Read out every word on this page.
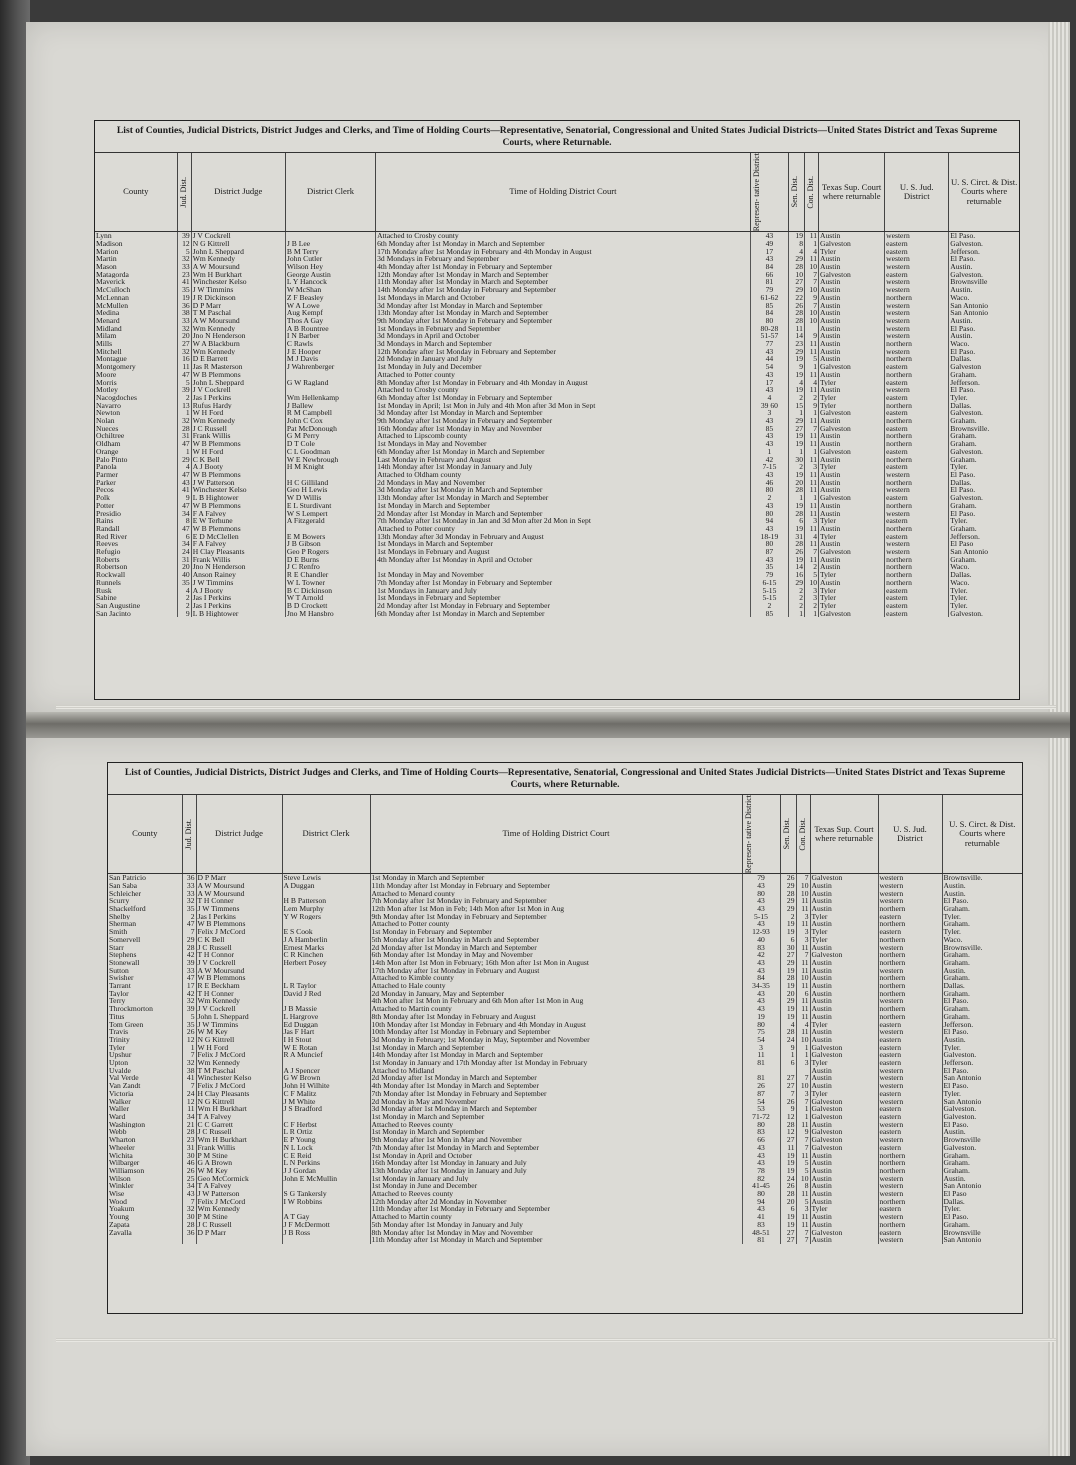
List of Counties, Judicial Districts, District Judges and Clerks, and Time of Holding Courts—Representative, Senatorial, Congressional and United States Judicial Districts—United States District and Texas Supreme Courts, where Returnable.
County	Jud. Dist.	District Judge	District Clerk	Time of Holding District Court	Represen- tative District	Sen. Dist.	Con. Dist.	Texas Sup. Court where returnable	U. S. Jud. District	U. S. Circt. & Dist. Courts where returnable
Lynn	39	J V Cockrell		Attached to Crosby county	43	19	11	Austin	western	El Paso.
Madison	12	N G Kittrell	J B Lee	6th Monday after 1st Monday in March and September	49	8	1	Galveston	eastern	Galveston.
Marion	5	John L Sheppard	B M Terry	17th Monday after 1st Monday in February and 4th Monday in August	17	4	4	Tyler	eastern	Jefferson.
Martin	32	Wm Kennedy	John Cutler	3d Mondays in February and September	43	29	11	Austin	western	El Paso.
Mason	33	A W Moursund	Wilson Hey	4th Monday after 1st Monday in February and September	84	28	10	Austin	western	Austin.
Matagorda	23	Wm H Burkhart	George Austin	12th Monday after 1st Monday in March and September	66	10	7	Galveston	eastern	Galveston.
Maverick	41	Winchester Kelso	L Y Hancock	11th Monday after 1st Monday in March and September	81	27	7	Austin	western	Brownsville
McCulloch	35	J W Timmins	W McShan	14th Monday after 1st Monday in February and September	79	29	10	Austin	western	Austin.
McLennan	19	J R Dickinson	Z F Beasley	1st Mondays in March and October	61-62	22	9	Austin	northern	Waco.
McMullen	36	D P Marr	W A Lowe	3d Monday after 1st Monday in March and September	85	26	7	Austin	western	San Antonio
Medina	38	T M Paschal	Aug Kempf	13th Monday after 1st Monday in March and September	84	28	10	Austin	western	San Antonio
Menard	33	A W Moursund	Thos A Gay	9th Monday after 1st Monday in February and September	80	28	10	Austin	western	Austin.
Midland	32	Wm Kennedy	A B Rountree	1st Mondays in February and September	80-28	11		Austin	western	El Paso.
Milam	20	Jno N Henderson	I N Barber	3d Mondays in April and October	51-57	14	9	Austin	western	Austin.
Mills	27	W A Blackburn	C Rawls	3d Mondays in March and September	77	23	11	Austin	northern	Waco.
Mitchell	32	Wm Kennedy	J E Hooper	12th Monday after 1st Monday in February and September	43	29	11	Austin	western	El Paso.
Montague	16	D E Barrett	M J Davis	2d Monday in January and July	44	19	5	Austin	northern	Dallas.
Montgomery	11	Jas R Masterson	J Wahrenberger	1st Monday in July and December	54	9	1	Galveston	eastern	Galveston
Moore	47	W B Plemmons		Attached to Potter county	43	19	11	Austin	northern	Graham.
Morris	5	John L Sheppard	G W Ragland	8th Monday after 1st Monday in February and 4th Monday in August	17	4	4	Tyler	eastern	Jefferson.
Motley	39	J V Cockrell		Attached to Crosby county	43	19	11	Austin	western	El Paso.
Nacogdoches	2	Jas I Perkins	Wm Hellenkamp	6th Monday after 1st Monday in February and September	4	2	2	Tyler	eastern	Tyler.
Navarro	13	Rufus Hardy	J Ballew	1st Monday in April; 1st Mon in July and 4th Mon after 3d Mon in Sept	39 60	15	9	Tyler	northern	Dallas.
Newton	1	W H Ford	R M Campbell	3d Monday after 1st Monday in March and September	3	1	1	Galveston	eastern	Galveston.
Nolan	32	Wm Kennedy	John C Cox	9th Monday after 1st Monday in February and September	43	29	11	Austin	northern	Graham.
Nueces	28	J C Russell	Pat McDonough	16th Monday after 1st Monday in May and November	85	27	7	Galveston	eastern	Brownsville.
Ochiltree	31	Frank Willis	G M Perry	Attached to Lipscomb county	43	19	11	Austin	northern	Graham.
Oldham	47	W B Plemmons	D T Cole	1st Mondays in May and November	43	19	11	Austin	northern	Graham.
Orange	1	W H Ford	C L Goodman	6th Monday after 1st Monday in March and September	1	1	1	Galveston	eastern	Galveston.
Palo Pinto	29	C K Bell	W E Newbrough	Last Monday in February and August	42	30	11	Austin	northern	Graham.
Panola	4	A J Booty	H M Knight	14th Monday after 1st Monday in January and July	7-15	2	3	Tyler	eastern	Tyler.
Parmer	47	W B Plemmons		Attached to Oldham county	43	19	11	Austin	western	El Paso.
Parker	43	J W Patterson	H C Gilliland	2d Mondays in May and November	46	20	11	Austin	northern	Dallas.
Pecos	41	Winchester Kelso	Geo H Lewis	3d Monday after 1st Monday in March and September	80	28	11	Austin	western	El Paso.
Polk	9	L B Hightower	W D Willis	13th Monday after 1st Monday in March and September	2	1	1	Galveston	eastern	Galveston.
Potter	47	W B Plemmons	E L Sturdivant	1st Monday in March and September	43	19	11	Austin	northern	Graham.
Presidio	34	F A Falvey	W S Lempert	2d Monday after 1st Monday in March and September	80	28	11	Austin	western	El Paso.
Rains	8	E W Terhune	A Fitzgerald	7th Monday after 1st Monday in Jan and 3d Mon after 2d Mon in Sept	94	6	3	Tyler	eastern	Tyler.
Randall	47	W B Plemmons		Attached to Potter county	43	19	11	Austin	northern	Graham.
Red River	6	E D McClellen	E M Bowers	13th Monday after 3d Monday in February and August	18-19	31	4	Tyler	eastern	Jefferson.
Reeves	34	F A Falvey	J B Gibson	1st Mondays in March and September	80	28	11	Austin	western	El Paso
Refugio	24	H Clay Pleasants	Geo P Rogers	1st Mondays in February and August	87	26	7	Galveston	western	San Antonio
Roberts	31	Frank Willis	D E Burns	4th Monday after 1st Monday in April and October	43	19	11	Austin	northern	Graham.
Robertson	20	Jno N Henderson	J C Renfro		35	14	2	Austin	northern	Waco.
Rockwall	40	Anson Rainey	R E Chandler	1st Monday in May and November	79	16	5	Tyler	northern	Dallas.
Runnels	35	J W Timmins	W L Towner	7th Monday after 1st Monday in February and September	6-15	29	10	Austin	northern	Waco.
Rusk	4	A J Booty	B C Dickinson	1st Mondays in January and July	5-15	2	3	Tyler	eastern	Tyler.
Sabine	2	Jas I Perkins	W T Arnold	1st Mondays in February and September	5-15	2	3	Tyler	eastern	Tyler.
San Augustine	2	Jas I Perkins	B D Crockett	2d Monday after 1st Monday in February and September	2	2	2	Tyler	eastern	Tyler.
San Jacinto	9	L B Hightower	Jno M Hansbro	6th Monday after 1st Monday in March and September	85	1	1	Galveston	eastern	Galveston.
List of Counties, Judicial Districts, District Judges and Clerks, and Time of Holding Courts—Representative, Senatorial, Congressional and United States Judicial Districts—United States District and Texas Supreme Courts, where Returnable.
County	Jud. Dist.	District Judge	District Clerk	Time of Holding District Court	Represen- tative District	Sen. Dist.	Con. Dist.	Texas Sup. Court where returnable	U. S. Jud. District	U. S. Circt. & Dist. Courts where returnable
San Patricio	36	D P Marr	Steve Lewis	1st Monday in March and September	79	26	7	Galveston	western	Brownsville.
San Saba	33	A W Moursund	A Duggan	11th Monday after 1st Monday in February and September	43	29	10	Austin	western	Austin.
Schleicher	33	A W Moursund		Attached to Menard county	80	28	10	Austin	western	Austin.
Scurry	32	T H Conner	H B Patterson	7th Monday after 1st Monday in February and September	43	29	11	Austin	western	El Paso.
Shackelford	35	J W Timmens	Lem Murphy	12th Mon after 1st Mon in Feb; 14th Mon after 1st Mon in Aug	43	29	11	Austin	northern	Graham.
Shelby	2	Jas I Perkins	Y W Rogers	9th Monday after 1st Monday in February and September	5-15	2	3	Tyler	eastern	Tyler.
Sherman	47	W B Plemmons		Attached to Potter county	43	19	11	Austin	northern	Graham.
Smith	7	Felix J McCord	E S Cook	1st Monday in February and September	12-93	19	3	Tyler	eastern	Tyler.
Somervell	29	C K Bell	J A Hamberlin	5th Monday after 1st Monday in March and September	40	6	3	Tyler	northern	Waco.
Starr	28	J C Russell	Ernest Marks	2d Monday after 1st Monday in March and September	83	30	11	Austin	western	Brownsville.
Stephens	42	T H Connor	C R Kinchen	6th Monday after 1st Monday in May and November	42	27	7	Galveston	northern	Graham.
Stonewall	39	J V Cockrell	Herbert Posey	14th Mon after 1st Mon in February; 16th Mon after 1st Mon in August	43	29	11	Austin	northern	Graham.
Sutton	33	A W Moursund		17th Monday after 1st Monday in February and August	43	19	11	Austin	western	Austin.
Swisher	47	W B Plemmons		Attached to Kimble county	84	28	10	Austin	northern	Graham.
Tarrant	17	R E Beckham	L R Taylor	Attached to Hale county	34-35	19	11	Austin	northern	Dallas.
Taylor	42	T H Conner	David J Red	2d Monday in January, May and September	43	20	6	Austin	northern	Graham.
Terry	32	Wm Kennedy		4th Mon after 1st Mon in February and 6th Mon after 1st Mon in Aug	43	29	11	Austin	western	El Paso.
Throckmorton	39	J V Cockrell	J B Massie	Attached to Martin county	43	19	11	Austin	northern	Graham.
Titus	5	John L Sheppard	L Hargrove	8th Monday after 1st Monday in February and August	19	19	11	Austin	northern	Graham.
Tom Green	35	J W Timmins	Ed Duggan	10th Monday after 1st Monday in February and 4th Monday in August	80	4	4	Tyler	eastern	Jefferson.
Travis	26	W M Key	Jas F Hart	10th Monday after 1st Monday in February and September	75	28	11	Austin	western	El Paso.
Trinity	12	N G Kittrell	I H Stout	3d Monday in February; 1st Monday in May, September and November	54	24	10	Austin	eastern	Austin.
Tyler	1	W H Ford	W E Rotan	1st Monday in March and September	3	9	1	Galveston	eastern	Tyler.
Upshur	7	Felix J McCord	R A Muncief	14th Monday after 1st Monday in March and September	11	1	1	Galveston	eastern	Galveston.
Upton	32	Wm Kennedy		1st Monday in January and 17th Monday after 1st Monday in February	81	6	3	Tyler	eastern	Jefferson.
Uvalde	38	T M Paschal	A J Spencer	Attached to Midland				Austin	western	El Paso.
Val Verde	41	Winchester Kelso	G W Brown	2d Monday after 1st Monday in March and September	81	27	7	Austin	western	San Antonio
Van Zandt	7	Felix J McCord	John H Wilhite	4th Monday after 1st Monday in March and September	26	27	10	Austin	western	El Paso.
Victoria	24	H Clay Pleasants	C F Malitz	7th Monday after 1st Monday in February and September	87	7	3	Tyler	eastern	Tyler.
Walker	12	N G Kittrell	J M White	2d Monday in May and November	54	26	7	Galveston	western	San Antonio
Waller	11	Wm H Burkhart	J S Bradford	3d Monday after 1st Monday in March and September	53	9	1	Galveston	eastern	Galveston.
Ward	34	T A Falvey		1st Monday in March and September	71-72	12	1	Galveston	eastern	Galveston.
Washington	21	C C Garrett	C F Herbst	Attached to Reeves county	80	28	11	Austin	western	El Paso.
Webb	28	J C Russell	L R Ortiz	1st Monday in March and September	83	12	9	Galveston	eastern	Austin.
Wharton	23	Wm H Burkhart	E P Young	9th Monday after 1st Mon in May and November	66	27	7	Galveston	western	Brownsville
Wheeler	31	Frank Willis	N L Lock	7th Monday after 1st Monday in March and September	43	11	7	Galveston	eastern	Galveston.
Wichita	30	P M Stine	C E Reid	1st Monday in April and October	43	19	11	Austin	northern	Graham.
Wilbarger	46	G A Brown	L N Perkins	16th Monday after 1st Monday in January and July	43	19	5	Austin	northern	Graham.
Williamson	26	W M Key	J J Gordan	13th Monday after 1st Monday in January and July	78	19	5	Austin	northern	Graham.
Wilson	25	Geo McCormick	John E McMullin	1st Monday in January and July	82	24	10	Austin	western	Austin.
Winkler	34	T A Falvey		1st Monday in June and December	41-45	26	8	Austin	western	San Antonio
Wise	43	J W Patterson	S G Tankersly	Attached to Reeves county	80	28	11	Austin	western	El Paso
Wood	7	Felix J McCord	I W Robbins	12th Monday after 2d Monday in November	94	20	5	Austin	northern	Dallas.
Yoakum	32	Wm Kennedy		11th Monday after 1st Monday in February and September	43	6	3	Tyler	eastern	Tyler.
Young	30	P M Stine	A T Gay	Attached to Martin county	41	19	11	Austin	western	El Paso.
Zapata	28	J C Russell	J F McDermott	5th Monday after 1st Monday in January and July	83	19	11	Austin	northern	Graham.
Zavalla	36	D P Marr	J B Ross	8th Monday after 1st Monday in May and November	48-51	27	7	Galveston	eastern	Brownsville
				11th Monday after 1st Monday in March and September	81	27	7	Austin	western	San Antonio
